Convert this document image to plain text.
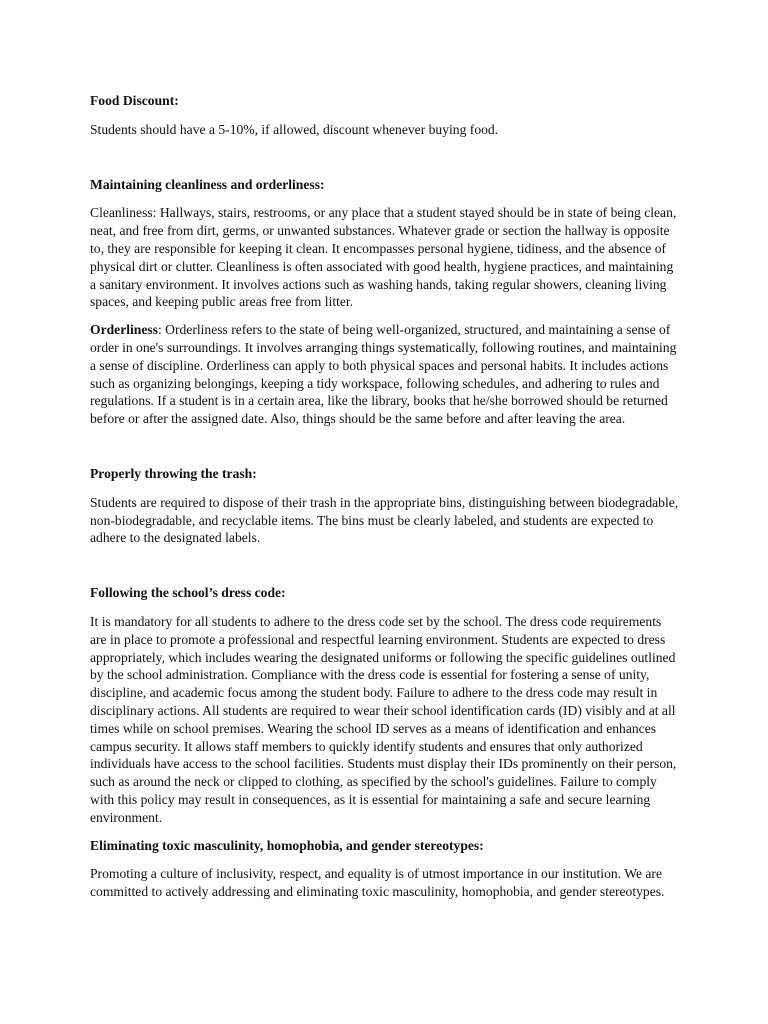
Food Discount:

Students should have a 5-10%, if allowed, discount whenever buying food.

Maintaining cleanliness and orderliness:

Cleanliness: Hallways, stairs, restrooms, or any place that a student stayed should be in state of being clean, neat, and free from dirt, germs, or unwanted substances. Whatever grade or section the hallway is opposite to, they are responsible for keeping it clean. It encompasses personal hygiene, tidiness, and the absence of physical dirt or clutter. Cleanliness is often associated with good health, hygiene practices, and maintaining a sanitary environment. It involves actions such as washing hands, taking regular showers, cleaning living spaces, and keeping public areas free from litter.

Orderliness: Orderliness refers to the state of being well-organized, structured, and maintaining a sense of order in one's surroundings. It involves arranging things systematically, following routines, and maintaining a sense of discipline. Orderliness can apply to both physical spaces and personal habits. It includes actions such as organizing belongings, keeping a tidy workspace, following schedules, and adhering to rules and regulations. If a student is in a certain area, like the library, books that he/she borrowed should be returned before or after the assigned date. Also, things should be the same before and after leaving the area.

Properly throwing the trash:

Students are required to dispose of their trash in the appropriate bins, distinguishing between biodegradable, non-biodegradable, and recyclable items. The bins must be clearly labeled, and students are expected to adhere to the designated labels.

Following the school’s dress code:

It is mandatory for all students to adhere to the dress code set by the school. The dress code requirements are in place to promote a professional and respectful learning environment. Students are expected to dress appropriately, which includes wearing the designated uniforms or following the specific guidelines outlined by the school administration. Compliance with the dress code is essential for fostering a sense of unity, discipline, and academic focus among the student body. Failure to adhere to the dress code may result in disciplinary actions. All students are required to wear their school identification cards (ID) visibly and at all times while on school premises. Wearing the school ID serves as a means of identification and enhances campus security. It allows staff members to quickly identify students and ensures that only authorized individuals have access to the school facilities. Students must display their IDs prominently on their person, such as around the neck or clipped to clothing, as specified by the school's guidelines. Failure to comply with this policy may result in consequences, as it is essential for maintaining a safe and secure learning environment.

Eliminating toxic masculinity, homophobia, and gender stereotypes:

Promoting a culture of inclusivity, respect, and equality is of utmost importance in our institution. We are committed to actively addressing and eliminating toxic masculinity, homophobia, and gender stereotypes.
